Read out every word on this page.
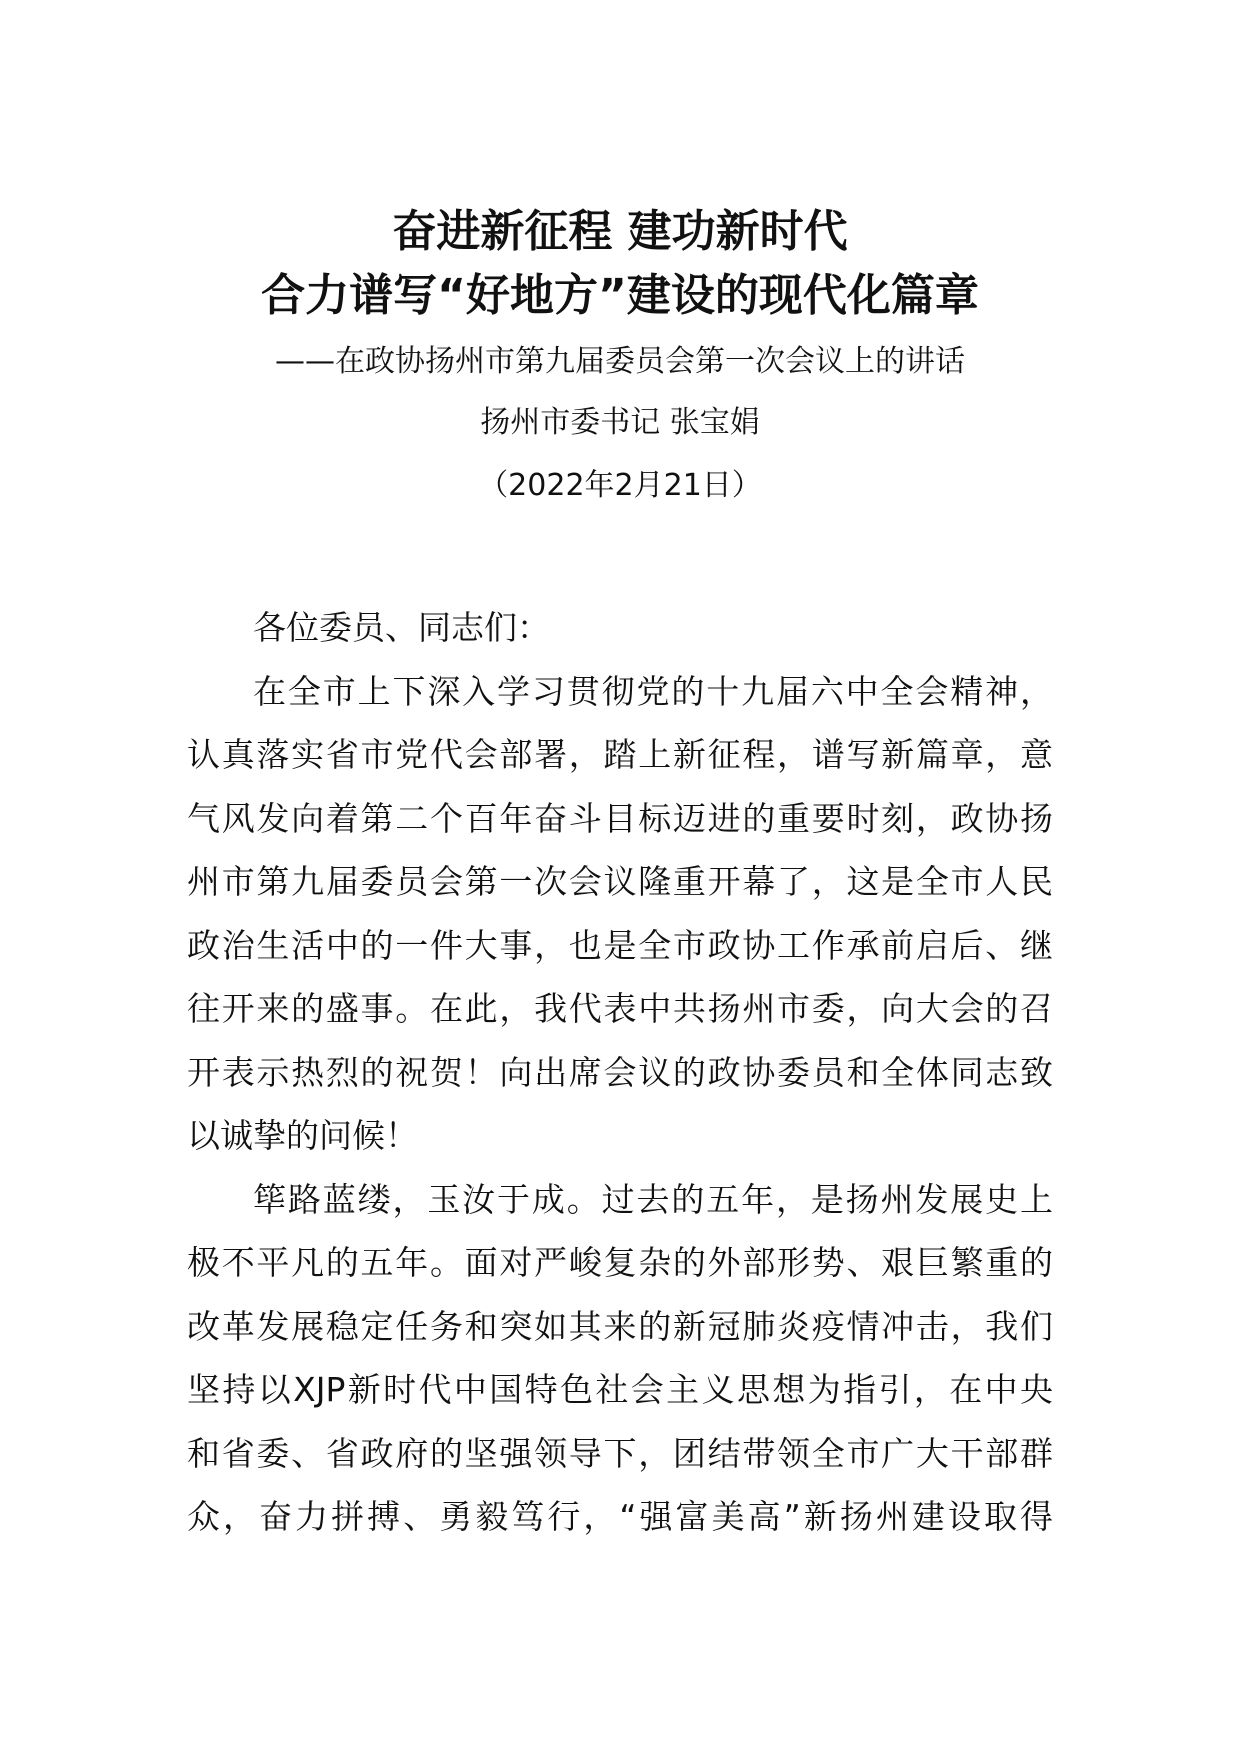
奋进新征程 建功新时代
合力谱写“好地方”建设的现代化篇章
——在政协扬州市第九届委员会第一次会议上的讲话
扬州市委书记 张宝娟
（2022年2月21日）
各位委员、同志们：
在全市上下深入学习贯彻党的十九届六中全会精神，
认真落实省市党代会部署，踏上新征程，谱写新篇章，意
气风发向着第二个百年奋斗目标迈进的重要时刻，政协扬
州市第九届委员会第一次会议隆重开幕了，这是全市人民
政治生活中的一件大事，也是全市政协工作承前启后、继
往开来的盛事。在此，我代表中共扬州市委，向大会的召
开表示热烈的祝贺！向出席会议的政协委员和全体同志致
以诚挚的问候！
筚路蓝缕，玉汝于成。过去的五年，是扬州发展史上
极不平凡的五年。面对严峻复杂的外部形势、艰巨繁重的
改革发展稳定任务和突如其来的新冠肺炎疫情冲击，我们
坚持以XJP新时代中国特色社会主义思想为指引，在中央
和省委、省政府的坚强领导下，团结带领全市广大干部群
众，奋力拼搏、勇毅笃行，“强富美高”新扬州建设取得
